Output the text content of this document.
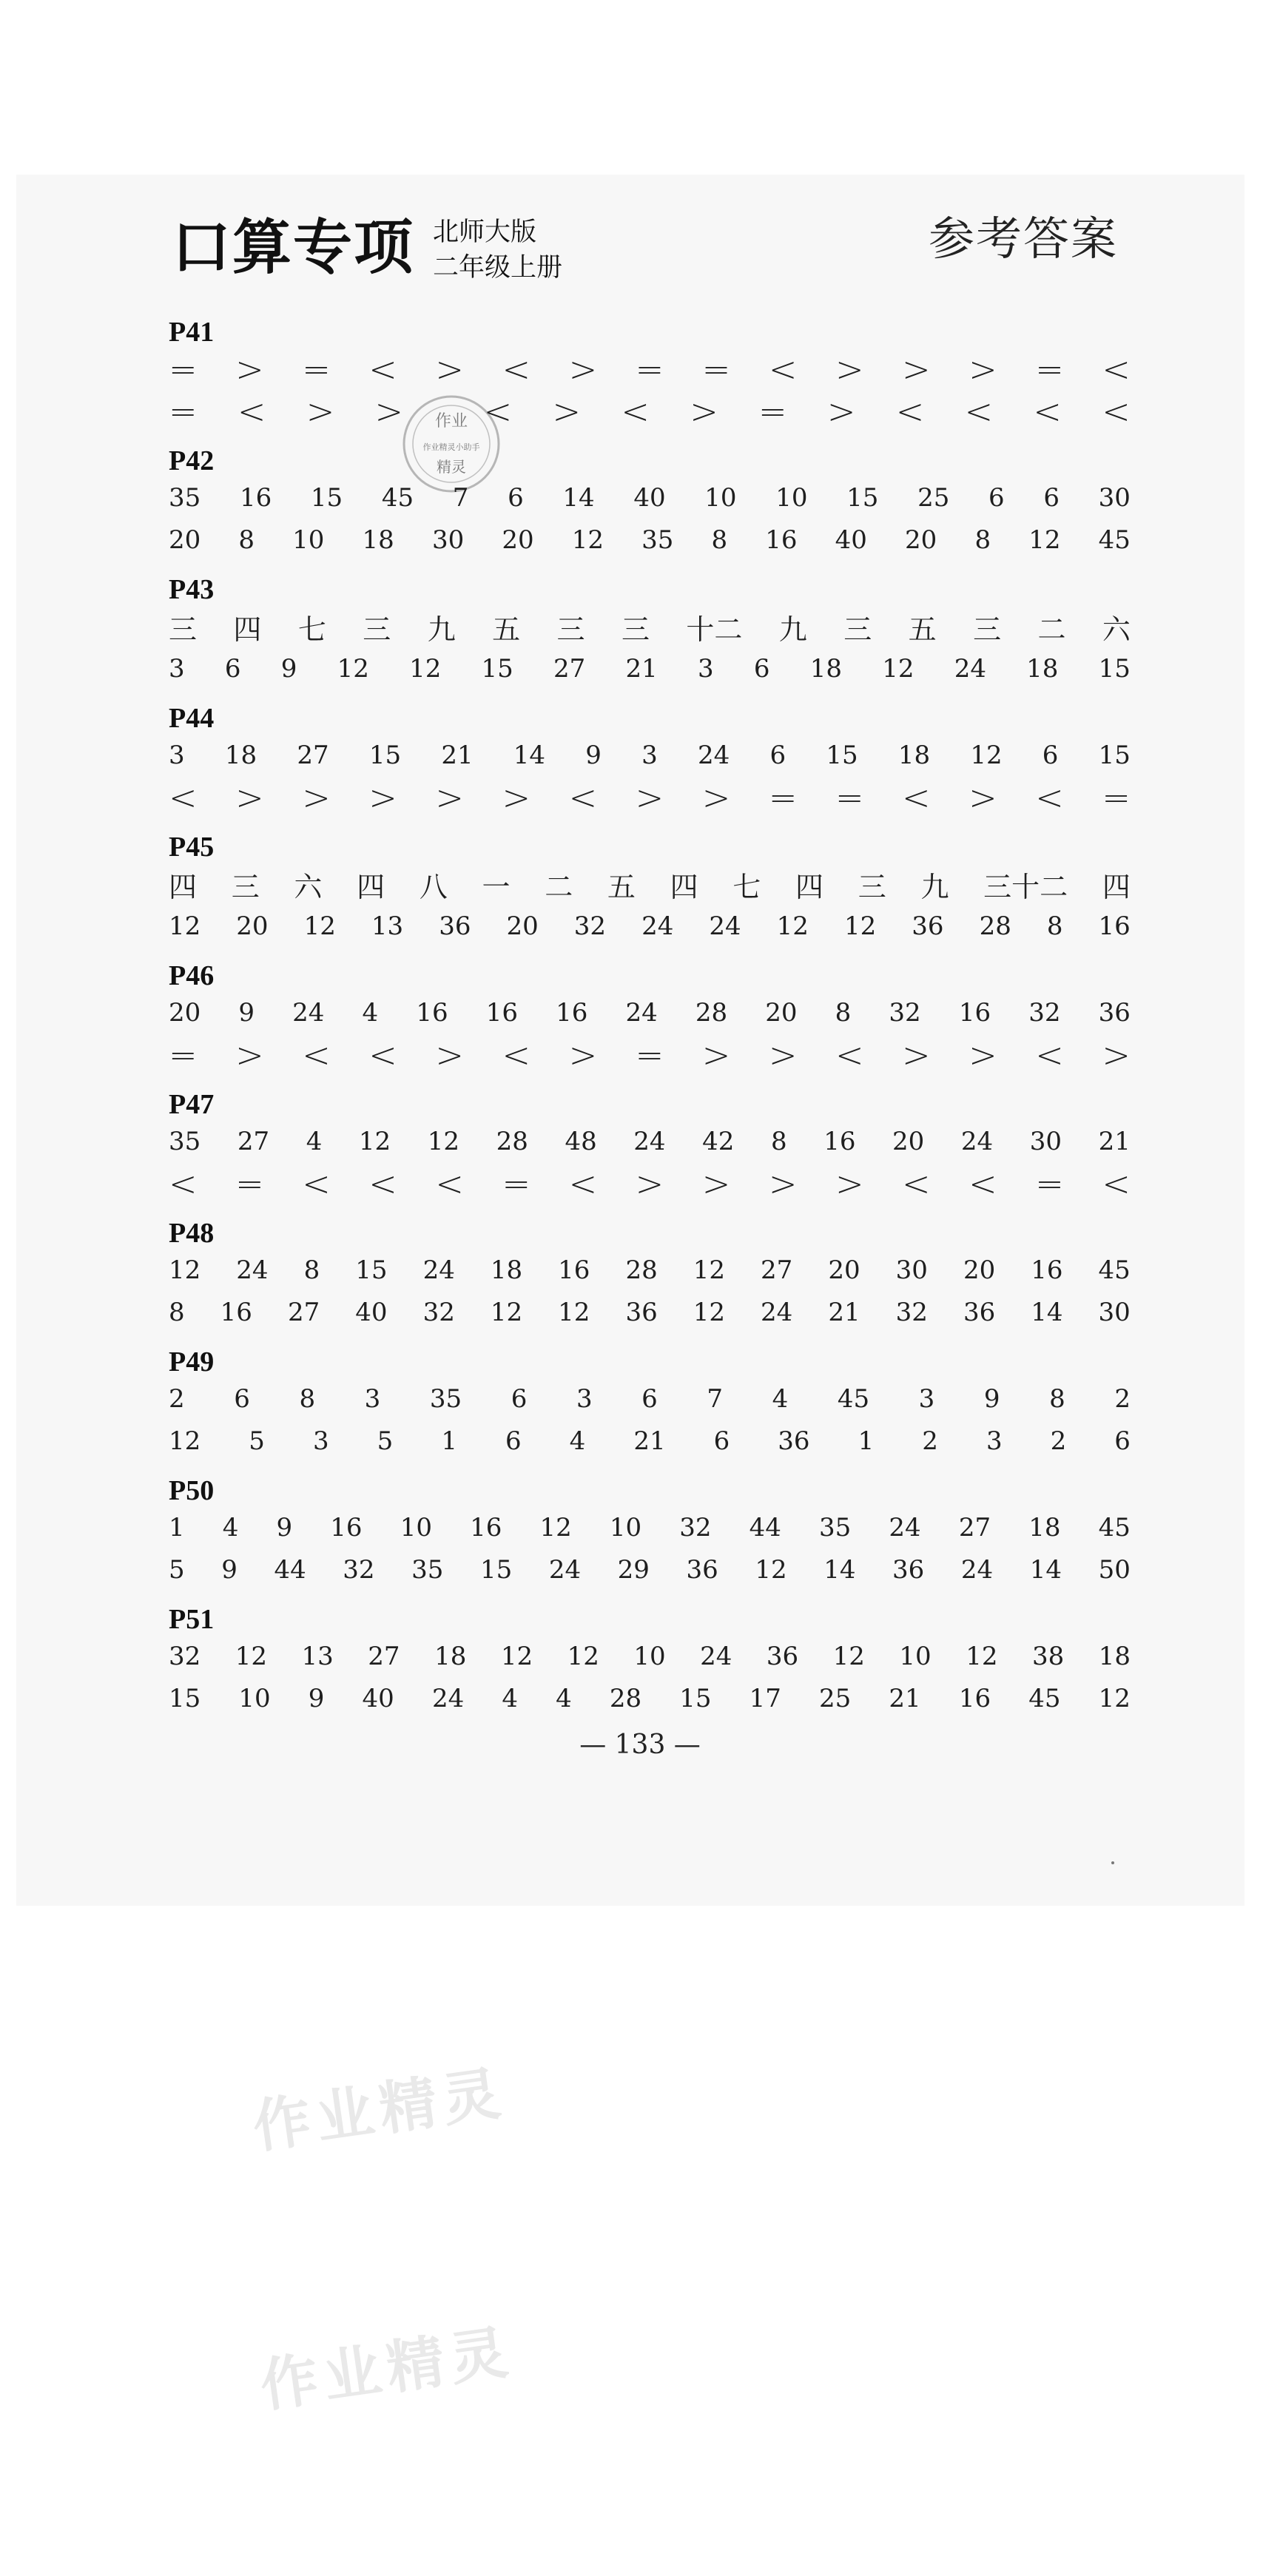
口算专项 北师大版
二年级上册
参考答案
作业
作业精灵小助手
精灵
P41
= > = < > < > = = < > > > = <
= < > > < > < > = > < < < <
P42
35 16 15 45 7 6 14 40 10 10 15 25 6 6 30
20 8 10 18 30 20 12 35 8 16 40 20 8 12 45
P43
三 四 七 三 九 五 三 三 十二 九 三 五 三 二 六
3 6 9 12 12 15 27 21 3 6 18 12 24 18 15
P44
3 18 27 15 21 14 9 3 24 6 15 18 12 6 15
< > > > > > < > > = = < > < =
P45
四 三 六 四 八 一 二 五 四 七 四 三 九 三十二 四
12 20 12 13 36 20 32 24 24 12 12 36 28 8 16
P46
20 9 24 4 16 16 16 24 28 20 8 32 16 32 36
= > < < > < > = > > < > > < >
P47
35 27 4 12 12 28 48 24 42 8 16 20 24 30 21
< = < < < = < > > > > < < = <
P48
12 24 8 15 24 18 16 28 12 27 20 30 20 16 45
8 16 27 40 32 12 12 36 12 24 21 32 36 14 30
P49
2 6 8 3 35 6 3 6 7 4 45 3 9 8 2
12 5 3 5 1 6 4 21 6 36 1 2 3 2 6
P50
1 4 9 16 10 16 12 10 32 44 35 24 27 18 45
5 9 44 32 35 15 24 29 36 12 14 36 24 14 50
P51
32 12 13 27 18 12 12 10 24 36 12 10 12 38 18
15 10 9 40 24 4 4 28 15 17 25 21 16 45 12
— 133 —
作业精灵
作业精灵
